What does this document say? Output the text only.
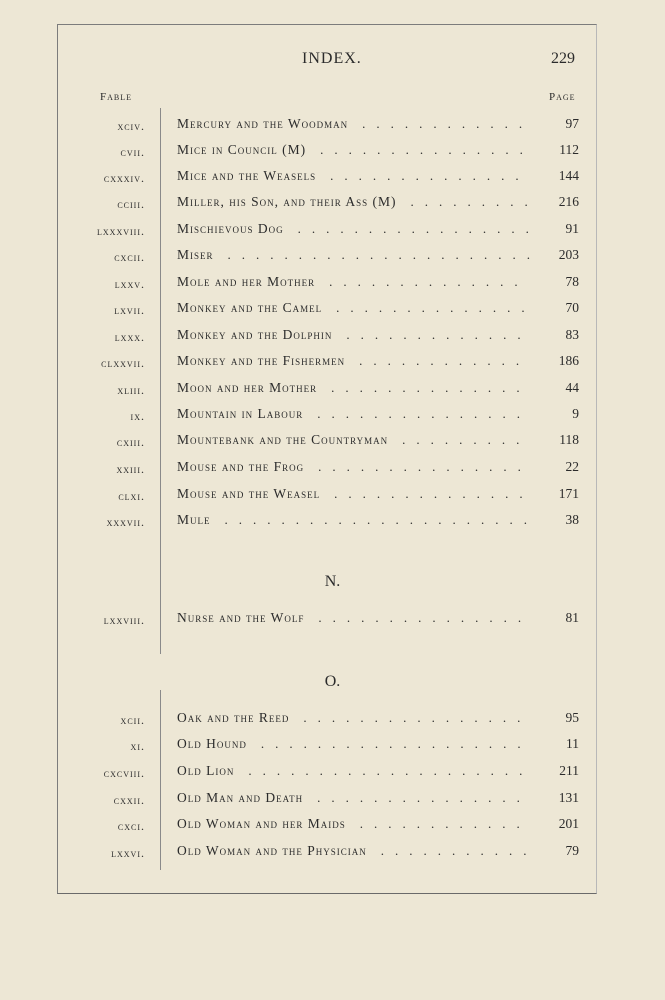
INDEX.	229
Fable	Page
xciv. Mercury and the Woodman	97
............
cvii. Mice in Council (M)	112
...............
cxxxiv. Mice and the Weasels	144
..............
cciii. Miller, his Son, and their Ass (M)	216
.........
lxxxviii. Mischievous Dog	91
.................
cxcii. Miser	203
......................
lxxv. Mole and her Mother	78
..............
lxvii. Monkey and the Camel	70
..............
lxxx. Monkey and the Dolphin	83
.............
clxxvii. Monkey and the Fishermen	186
............
xliii. Moon and her Mother	44
..............
ix. Mountain in Labour	9
...............
cxiii. Mountebank and the Countryman	118
.........
xxiii. Mouse and the Frog	22
...............
clxi. Mouse and the Weasel	171
..............
xxxvii. Mule	38
......................
N.
lxxviii. Nurse and the Wolf	81
...............
O.
xcii. Oak and the Reed	95
................
xi. Old Hound	11
...................
cxcviii. Old Lion	211
....................
cxxii. Old Man and Death	131
...............
cxci. Old Woman and her Maids	201
............
lxxvi. Old Woman and the Physician	79
...........
